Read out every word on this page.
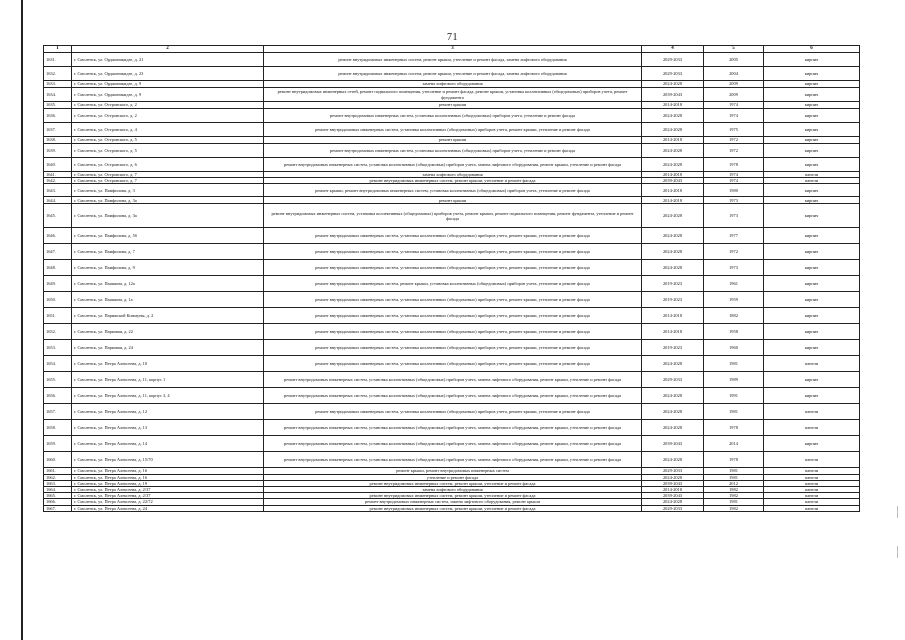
71
1	2	3	4	5	6
1631.	г. Смоленск, ул. Орджоникидзе, д. 21	ремонт внутридомовых инженерных систем, ремонт крыши, утепление и ремонт фасада, замена лифтового оборудования	2029-2033	2005	кирпич
1632.	г. Смоленск, ул. Орджоникидзе, д. 23	ремонт внутридомовых инженерных систем, ремонт крыши, утепление и ремонт фасада, замена лифтового оборудования	2029-2033	2004	кирпич
1633.	г. Смоленск, ул. Орджоникидзе, д. 9	замена лифтового оборудования	2024-2028	2009	кирпич
1634.	г. Смоленск, ул. Орджоникидзе, д. 9	ремонт внутридомовых инженерных сетей, ремонт подвального помещения, утепление и ремонт фасада, ремонт крыши, установка коллективных (общедомовых) приборов учета, ремонт фундамента	2039-2043	2009	кирпич
1635.	г. Смоленск, ул. Островского, д. 2	ремонт крыши	2014-2018	1974	кирпич
1636.	г. Смоленск, ул. Островского, д. 2	ремонт внутридомовых инженерных систем, установка коллективных (общедомовых) приборов учета, утепление и ремонт фасада	2024-2028	1974	кирпич
1637.	г. Смоленск, ул. Островского, д. 4	ремонт внутридомовых инженерных систем, установка коллективных (общедомовых) приборов учета, ремонт крыши, утепление и ремонт фасада	2024-2028	1975	кирпич
1638.	г. Смоленск, ул. Островского, д. 5	ремонт крыши	2014-2018	1972	кирпич
1639.	г. Смоленск, ул. Островского, д. 5	ремонт внутридомовых инженерных систем, установка коллективных (общедомовых) приборов учета, утепление и ремонт фасада	2024-2028	1972	кирпич
1640.	г. Смоленск, ул. Островского, д. 6	ремонт внутридомовых инженерных систем, установка коллективных (общедомовых) приборов учета, замена лифтового оборудования, ремонт крыши, утепление и ремонт фасада	2024-2028	1978	кирпич
1641.	г. Смоленск, ул. Островского, д. 7	замена лифтового оборудования	2014-2018	1974	панели
1642.	г. Смоленск, ул. Островского, д. 7	ремонт внутридомовых инженерных систем, ремонт крыши, утепление и ремонт фасада	2039-2043	1974	панели
1643.	г. Смоленск, ул. Памфилова, д. 3	ремонт крыши, ремонт внутридомовых инженерных систем, установка коллективных (общедомовых) приборов учета, утепление и ремонт фасада	2014-2018	1980	кирпич
1644.	г. Смоленск, ул. Памфилова, д. 3а	ремонт крыши	2014-2018	1973	кирпич
1645.	г. Смоленск, ул. Памфилова, д. 3а	ремонт внутридомовых инженерных систем, установка коллективных (общедомовых) приборов учета, ремонт крыши, ремонт подвального помещения, ремонт фундамента, утепление и ремонт фасада	2024-2028	1973	кирпич
1646.	г. Смоленск, ул. Памфилова, д. 5б	ремонт внутридомовых инженерных систем, установка коллективных (общедомовых) приборов учета, ремонт крыши, утепление и ремонт фасада	2024-2028	1977	кирпич
1647.	г. Смоленск, ул. Памфилова, д. 7	ремонт внутридомовых инженерных систем, установка коллективных (общедомовых) приборов учета, ремонт крыши, утепление и ремонт фасада	2024-2028	1972	кирпич
1648.	г. Смоленск, ул. Памфилова, д. 9	ремонт внутридомовых инженерных систем, установка коллективных (общедомовых) приборов учета, ремонт крыши, утепление и ремонт фасада	2024-2028	1973	кирпич
1649.	г. Смоленск, ул. Пашкина, д. 12а	ремонт внутридомовых инженерных систем, ремонт крыши, установка коллективных (общедомовых) приборов учета, утепление и ремонт фасада	2019-2023	1961	кирпич
1650.	г. Смоленск, ул. Пашкина, д. 1а	ремонт внутридомовых инженерных систем, установка коллективных (общедомовых) приборов учета, ремонт крыши, утепление и ремонт фасада	2019-2023	1959	кирпич
1651.	г. Смоленск, ул. Парижской Коммуны, д. 2	ремонт внутридомовых инженерных систем, установка коллективных (общедомовых) приборов учета, ремонт крыши, утепление и ремонт фасада	2014-2018	1882	кирпич
1652.	г. Смоленск, ул. Парковая, д. 22	ремонт внутридомовых инженерных систем, установка коллективных (общедомовых) приборов учета, ремонт крыши, утепление и ремонт фасада	2014-2018	1958	кирпич
1653.	г. Смоленск, ул. Парковая, д. 24	ремонт внутридомовых инженерных систем, установка коллективных (общедомовых) приборов учета, ремонт крыши, утепление и ремонт фасада	2019-2023	1960	кирпич
1654.	г. Смоленск, ул. Петра Алексеева, д. 10	ремонт внутридомовых инженерных систем, установка коллективных (общедомовых) приборов учета, ремонт крыши, утепление и ремонт фасада	2024-2028	1981	панели
1655.	г. Смоленск, ул. Петра Алексеева, д. 11, корпус 1	ремонт внутридомовых инженерных систем, установка коллективных (общедомовых) приборов учета, замена лифтового оборудования, ремонт крыши, утепление и ремонт фасада	2029-2033	1989	кирпич
1656.	г. Смоленск, ул. Петра Алексеева, д. 11, корпус 3, 4	ремонт внутридомовых инженерных систем, установка коллективных (общедомовых) приборов учета, замена лифтового оборудования, ремонт крыши, утепление и ремонт фасада	2024-2028	1991	кирпич
1657.	г. Смоленск, ул. Петра Алексеева, д. 12	ремонт внутридомовых инженерных систем, установка коллективных (общедомовых) приборов учета, ремонт крыши, утепление и ремонт фасада	2024-2028	1981	панели
1658.	г. Смоленск, ул. Петра Алексеева, д. 13	ремонт внутридомовых инженерных систем, установка коллективных (общедомовых) приборов учета, замена лифтового оборудования, ремонт крыши, утепление и ремонт фасада	2024-2028	1978	панели
1659.	г. Смоленск, ул. Петра Алексеева, д. 14	ремонт внутридомовых инженерных систем, установка коллективных (общедомовых) приборов учета, замена лифтового оборудования, ремонт крыши, утепление и ремонт фасада	2039-2043	2014	кирпич
1660.	г. Смоленск, ул. Петра Алексеева, д. 15/70	ремонт внутридомовых инженерных систем, установка коллективных (общедомовых) приборов учета, замена лифтового оборудования, ремонт крыши, утепление и ремонт фасада	2024-2028	1978	панели
1661.	г. Смоленск, ул. Петра Алексеева, д. 16	ремонт крыши, ремонт внутридомовых инженерных систем	2029-2033	1981	панели
1662.	г. Смоленск, ул. Петра Алексеева, д. 16	утепление и ремонт фасада	2024-2028	1981	панели
1663.	г. Смоленск, ул. Петра Алексеева, д. 19	ремонт внутридомовых инженерных систем, ремонт крыши, утепление и ремонт фасада	2039-2043	2012	панели
1664.	г. Смоленск, ул. Петра Алексеева, д. 2/37	замена лифтового оборудования	2014-2018	1982	панели
1665.	г. Смоленск, ул. Петра Алексеева, д. 2/37	ремонт внутридомовых инженерных систем, ремонт крыши, утепление и ремонт фасада	2039-2043	1982	панели
1666.	г. Смоленск, ул. Петра Алексеева, д. 22/72	ремонт внутридомовых инженерных систем, замена лифтового оборудования, ремонт крыши	2024-2028	1981	панели
1667.	г. Смоленск, ул. Петра Алексеева, д. 24	ремонт внутридомовых инженерных систем, ремонт крыши, утепление и ремонт фасада	2029-2033	1982	панели
